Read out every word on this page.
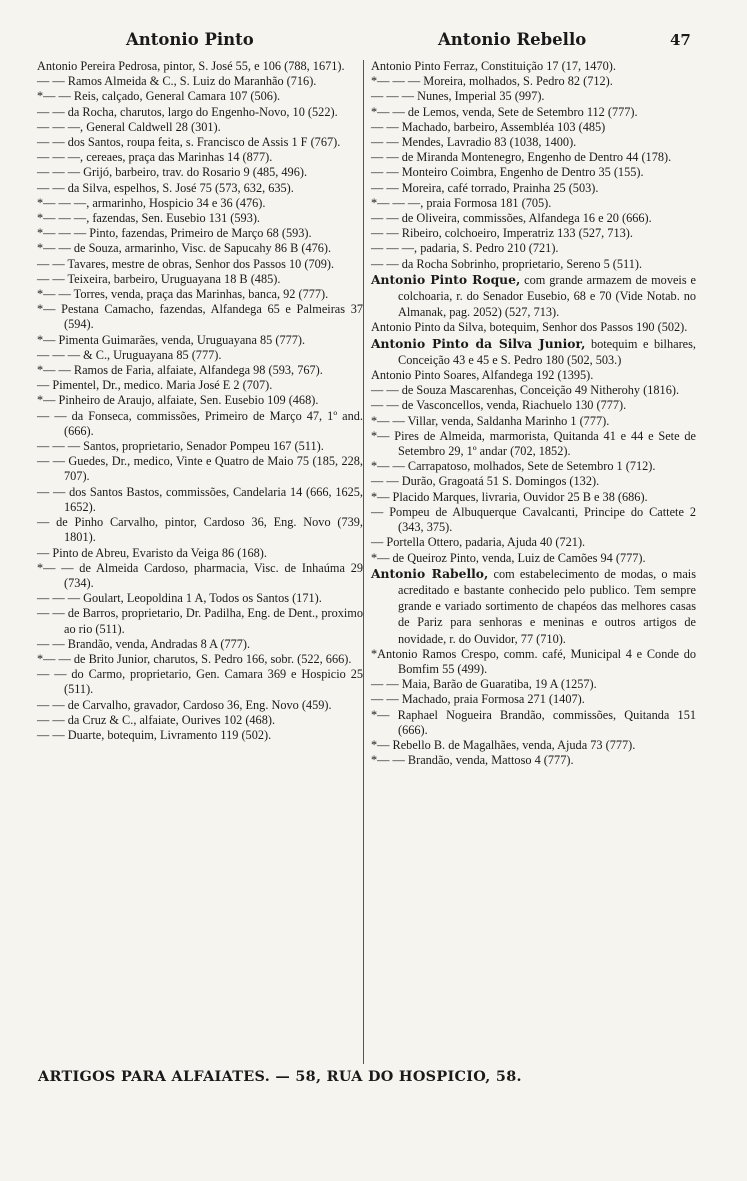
Antonio Pinto	Antonio Rebello	47
Antonio Pereira Pedrosa, pintor, S. José 55, e 106 (788, 1671).
— — Ramos Almeida & C., S. Luiz do Maranhão (716).
*— — Reis, calçado, General Camara 107 (506).
— — da Rocha, charutos, largo do Engenho-Novo, 10 (522).
— — —, General Caldwell 28 (301).
— — dos Santos, roupa feita, s. Francisco de Assis 1 F (767).
— — —, cereaes, praça das Marinhas 14 (877).
— — — Grijó, barbeiro, trav. do Rosario 9 (485, 496).
— — da Silva, espelhos, S. José 75 (573, 632, 635).
*— — —, armarinho, Hospicio 34 e 36 (476).
*— — —, fazendas, Sen. Eusebio 131 (593).
*— — — Pinto, fazendas, Primeiro de Março 68 (593).
*— — de Souza, armarinho, Visc. de Sapucahy 86 B (476).
— — Tavares, mestre de obras, Senhor dos Passos 10 (709).
— — Teixeira, barbeiro, Uruguayana 18 B (485).
*— — Torres, venda, praça das Marinhas, banca, 92 (777).
*— Pestana Camacho, fazendas, Alfandega 65 e Palmeiras 37 (594).
*— Pimenta Guimarães, venda, Uruguayana 85 (777).
— — — & C., Uruguayana 85 (777).
*— — Ramos de Faria, alfaiate, Alfandega 98 (593, 767).
— Pimentel, Dr., medico. Maria José E 2 (707).
*— Pinheiro de Araujo, alfaiate, Sen. Eusebio 109 (468).
— — da Fonseca, commissões, Primeiro de Março 47, 1º and. (666).
— — — Santos, proprietario, Senador Pompeu 167 (511).
— — Guedes, Dr., medico, Vinte e Quatro de Maio 75 (185, 228, 707).
— — dos Santos Bastos, commissões, Candelaria 14 (666, 1625, 1652).
— de Pinho Carvalho, pintor, Cardoso 36, Eng. Novo (739, 1801).
— Pinto de Abreu, Evaristo da Veiga 86 (168).
*— — de Almeida Cardoso, pharmacia, Visc. de Inhaúma 29 (734).
— — — Goulart, Leopoldina 1 A, Todos os Santos (171).
— — de Barros, proprietario, Dr. Padilha, Eng. de Dent., proximo ao rio (511).
— — Brandão, venda, Andradas 8 A (777).
*— — de Brito Junior, charutos, S. Pedro 166, sobr. (522, 666).
— — do Carmo, proprietario, Gen. Camara 369 e Hospicio 25 (511).
— — de Carvalho, gravador, Cardoso 36, Eng. Novo (459).
— — da Cruz & C., alfaiate, Ourives 102 (468).
— — Duarte, botequim, Livramento 119 (502).
Antonio Pinto Ferraz, Constituição 17 (17, 1470).
*— — — Moreira, molhados, S. Pedro 82 (712).
— — — Nunes, Imperial 35 (997).
*— — de Lemos, venda, Sete de Setembro 112 (777).
— — Machado, barbeiro, Assembléa 103 (485)
— — Mendes, Lavradio 83 (1038, 1400).
— — de Miranda Montenegro, Engenho de Dentro 44 (178).
— — Monteiro Coimbra, Engenho de Dentro 35 (155).
— — Moreira, café torrado, Prainha 25 (503).
*— — —, praia Formosa 181 (705).
— — de Oliveira, commissões, Alfandega 16 e 20 (666).
— — Ribeiro, colchoeiro, Imperatriz 133 (527, 713).
— — —, padaria, S. Pedro 210 (721).
— — da Rocha Sobrinho, proprietario, Sereno 5 (511).
Antonio Pinto Roque, com grande armazem de moveis e colchoaria, r. do Senador Eusebio, 68 e 70 (Vide Notab. no Almanak, pag. 2052) (527, 713).
Antonio Pinto da Silva, botequim, Senhor dos Passos 190 (502).
Antonio Pinto da Silva Junior, botequim e bilhares, Conceição 43 e 45 e S. Pedro 180 (502, 503.)
Antonio Pinto Soares, Alfandega 192 (1395).
— — de Souza Mascarenhas, Conceição 49 Nitherohy (1816).
— — de Vasconcellos, venda, Riachuelo 130 (777).
*— — Villar, venda, Saldanha Marinho 1 (777).
*— Pires de Almeida, marmorista, Quitanda 41 e 44 e Sete de Setembro 29, 1º andar (702, 1852).
*— — Carrapatoso, molhados, Sete de Setembro 1 (712).
— — Durão, Gragoatá 51 S. Domingos (132).
*— Placido Marques, livraria, Ouvidor 25 B e 38 (686).
— Pompeu de Albuquerque Cavalcanti, Principe do Cattete 2 (343, 375).
— Portella Ottero, padaria, Ajuda 40 (721).
*— de Queiroz Pinto, venda, Luiz de Camões 94 (777).
Antonio Rabello, com estabelecimento de modas, o mais acreditado e bastante conhecido pelo publico. Tem sempre grande e variado sortimento de chapéos das melhores casas de Pariz para senhoras e meninas e outros artigos de novidade, r. do Ouvidor, 77 (710).
*Antonio Ramos Crespo, comm. café, Municipal 4 e Conde do Bomfim 55 (499).
— — Maia, Barão de Guaratiba, 19 A (1257).
— — Machado, praia Formosa 271 (1407).
*— Raphael Nogueira Brandão, commissões, Quitanda 151 (666).
*— Rebello B. de Magalhães, venda, Ajuda 73 (777).
*— — Brandão, venda, Mattoso 4 (777).
ARTIGOS PARA ALFAIATES. — 58, RUA DO HOSPICIO, 58.
